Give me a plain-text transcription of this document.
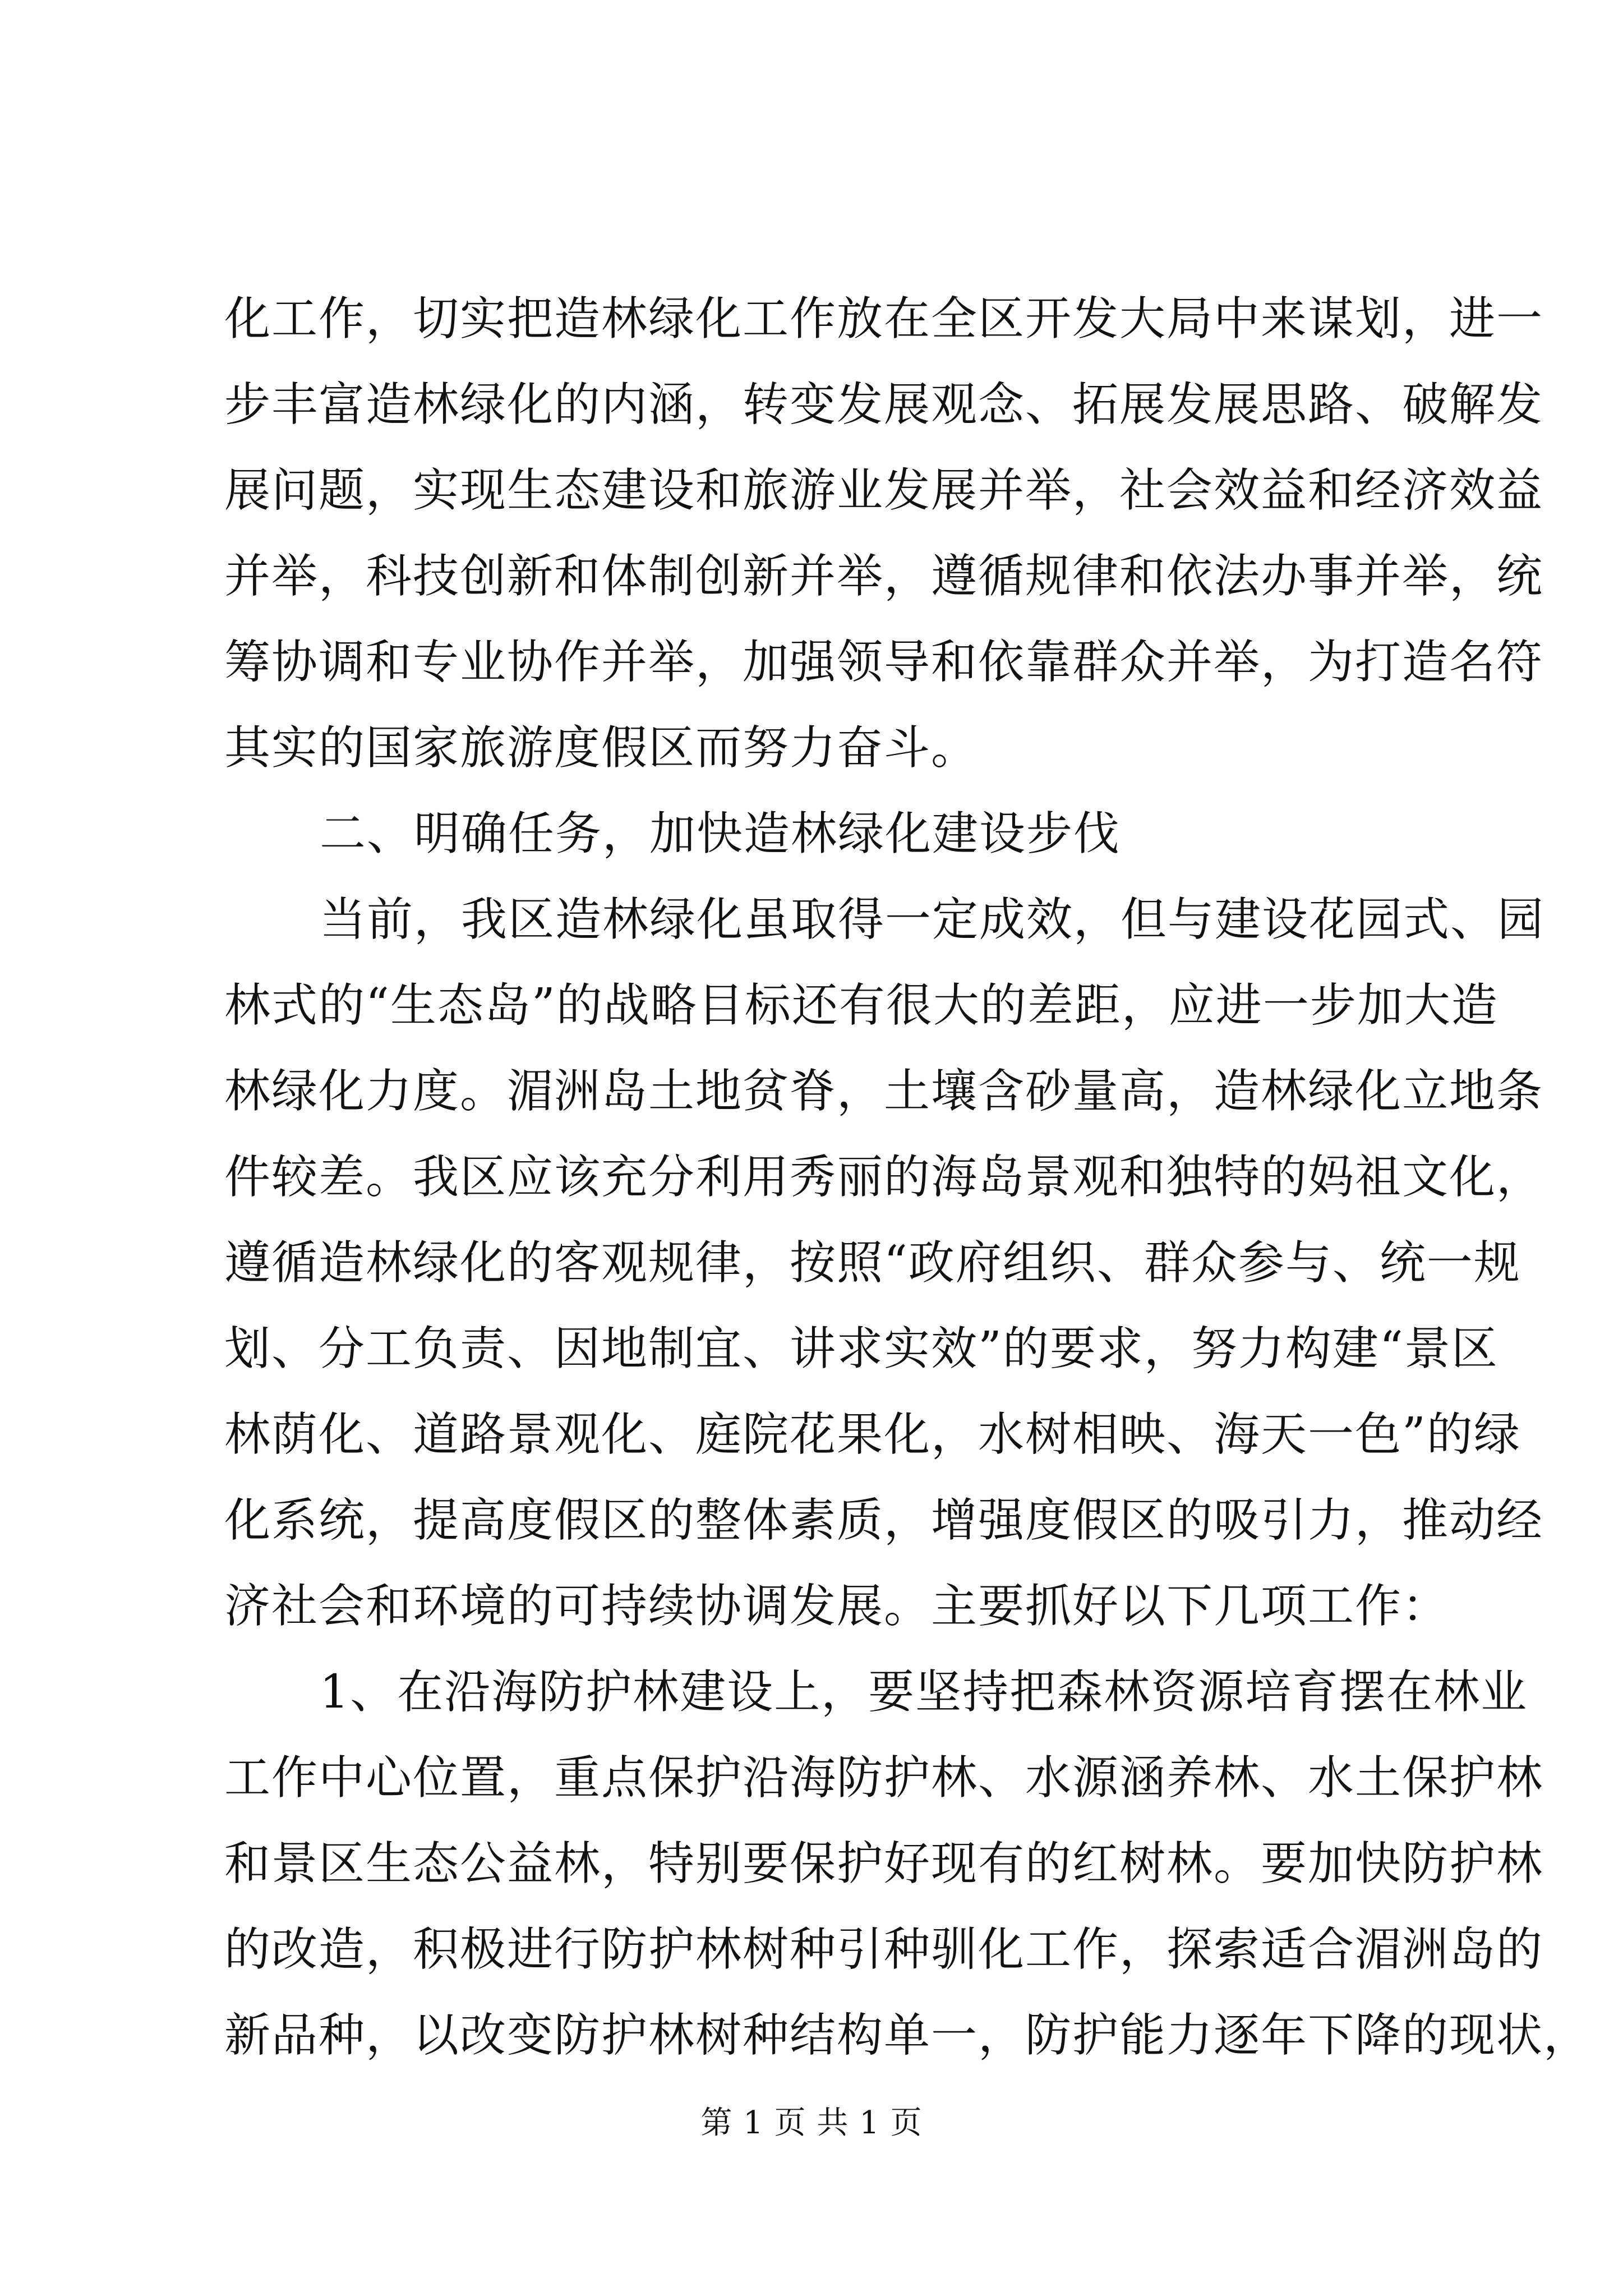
化工作，切实把造林绿化工作放在全区开发大局中来谋划，进一
步丰富造林绿化的内涵，转变发展观念、拓展发展思路、破解发
展问题，实现生态建设和旅游业发展并举，社会效益和经济效益
并举，科技创新和体制创新并举，遵循规律和依法办事并举，统
筹协调和专业协作并举，加强领导和依靠群众并举，为打造名符
其实的国家旅游度假区而努力奋斗。
二、明确任务，加快造林绿化建设步伐
当前，我区造林绿化虽取得一定成效，但与建设花园式、园
林式的“生态岛”的战略目标还有很大的差距，应进一步加大造
林绿化力度。湄洲岛土地贫脊，土壤含砂量高，造林绿化立地条
件较差。我区应该充分利用秀丽的海岛景观和独特的妈祖文化，
遵循造林绿化的客观规律，按照“政府组织、群众参与、统一规
划、分工负责、因地制宜、讲求实效”的要求，努力构建“景区
林荫化、道路景观化、庭院花果化，水树相映、海天一色”的绿
化系统，提高度假区的整体素质，增强度假区的吸引力，推动经
济社会和环境的可持续协调发展。主要抓好以下几项工作：
1、在沿海防护林建设上，要坚持把森林资源培育摆在林业
工作中心位置，重点保护沿海防护林、水源涵养林、水土保护林
和景区生态公益林，特别要保护好现有的红树林。要加快防护林
的改造，积极进行防护林树种引种驯化工作，探索适合湄洲岛的
新品种，以改变防护林树种结构单一，防护能力逐年下降的现状，
第 1 页 共 1 页
